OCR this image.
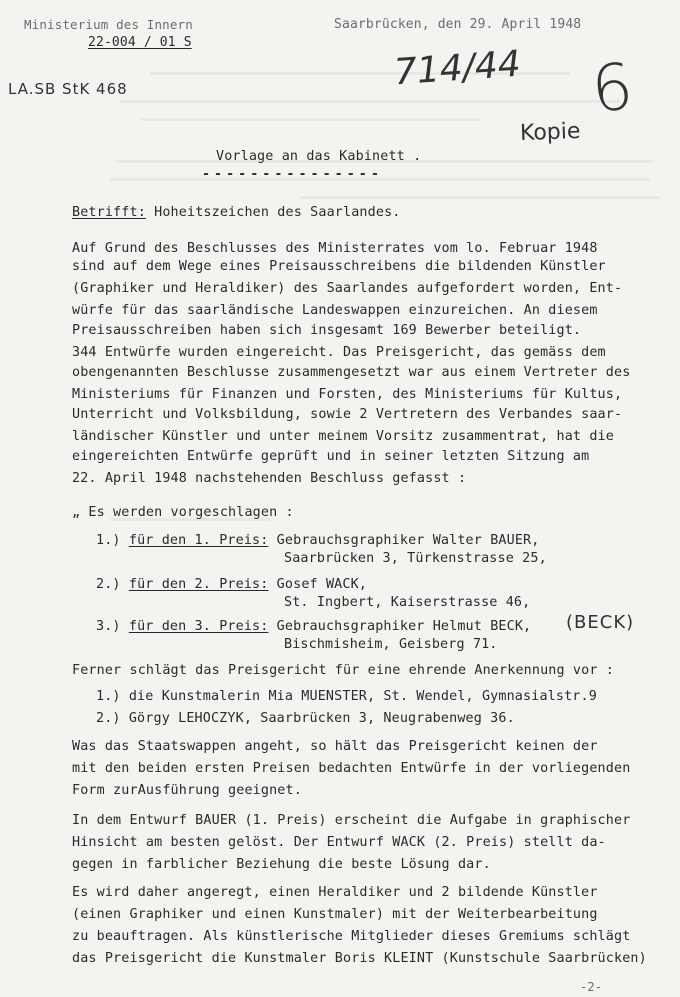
Ministerium des Innern
22-004 / 01 S
Saarbrücken, den 29. April 1948
LA.SB StK 468	714/44 6
Kopie
(BECK)
Vorlage an das Kabinett .
---------------
Betrifft: Hoheitszeichen des Saarlandes.
Auf Grund des Beschlusses des Ministerrates vom lo. Februar 1948
sind auf dem Wege eines Preisausschreibens die bildenden Künstler
(Graphiker und Heraldiker) des Saarlandes aufgefordert worden, Ent-
würfe für das saarländische Landeswappen einzureichen. An diesem
Preisausschreiben haben sich insgesamt 169 Bewerber beteiligt.
344 Entwürfe wurden eingereicht. Das Preisgericht, das gemäss dem
obengenannten Beschlusse zusammengesetzt war aus einem Vertreter des
Ministeriums für Finanzen und Forsten, des Ministeriums für Kultus,
Unterricht und Volksbildung, sowie 2 Vertretern des Verbandes saar-
ländischer Künstler und unter meinem Vorsitz zusammentrat, hat die
eingereichten Entwürfe geprüft und in seiner letzten Sitzung am
22. April 1948 nachstehenden Beschluss gefasst :
„ Es werden vorgeschlagen :
1.) für den 1. Preis: Gebrauchsgraphiker Walter BAUER,
Saarbrücken 3, Türkenstrasse 25,
2.) für den 2. Preis: Gosef WACK,
St. Ingbert, Kaiserstrasse 46,
3.) für den 3. Preis: Gebrauchsgraphiker Helmut BECK,
Bischmisheim, Geisberg 71.
Ferner schlägt das Preisgericht für eine ehrende Anerkennung vor :
1.) die Kunstmalerin Mia MUENSTER, St. Wendel, Gymnasialstr.9
2.) Görgy LEHOCZYK, Saarbrücken 3, Neugrabenweg 36.
Was das Staatswappen angeht, so hält das Preisgericht keinen der
mit den beiden ersten Preisen bedachten Entwürfe in der vorliegenden
Form zurAusführung geeignet.
In dem Entwurf BAUER (1. Preis) erscheint die Aufgabe in graphischer
Hinsicht am besten gelöst. Der Entwurf WACK (2. Preis) stellt da-
gegen in farblicher Beziehung die beste Lösung dar.
Es wird daher angeregt, einen Heraldiker und 2 bildende Künstler
(einen Graphiker und einen Kunstmaler) mit der Weiterbearbeitung
zu beauftragen. Als künstlerische Mitglieder dieses Gremiums schlägt
das Preisgericht die Kunstmaler Boris KLEINT (Kunstschule Saarbrücken)
-2-
